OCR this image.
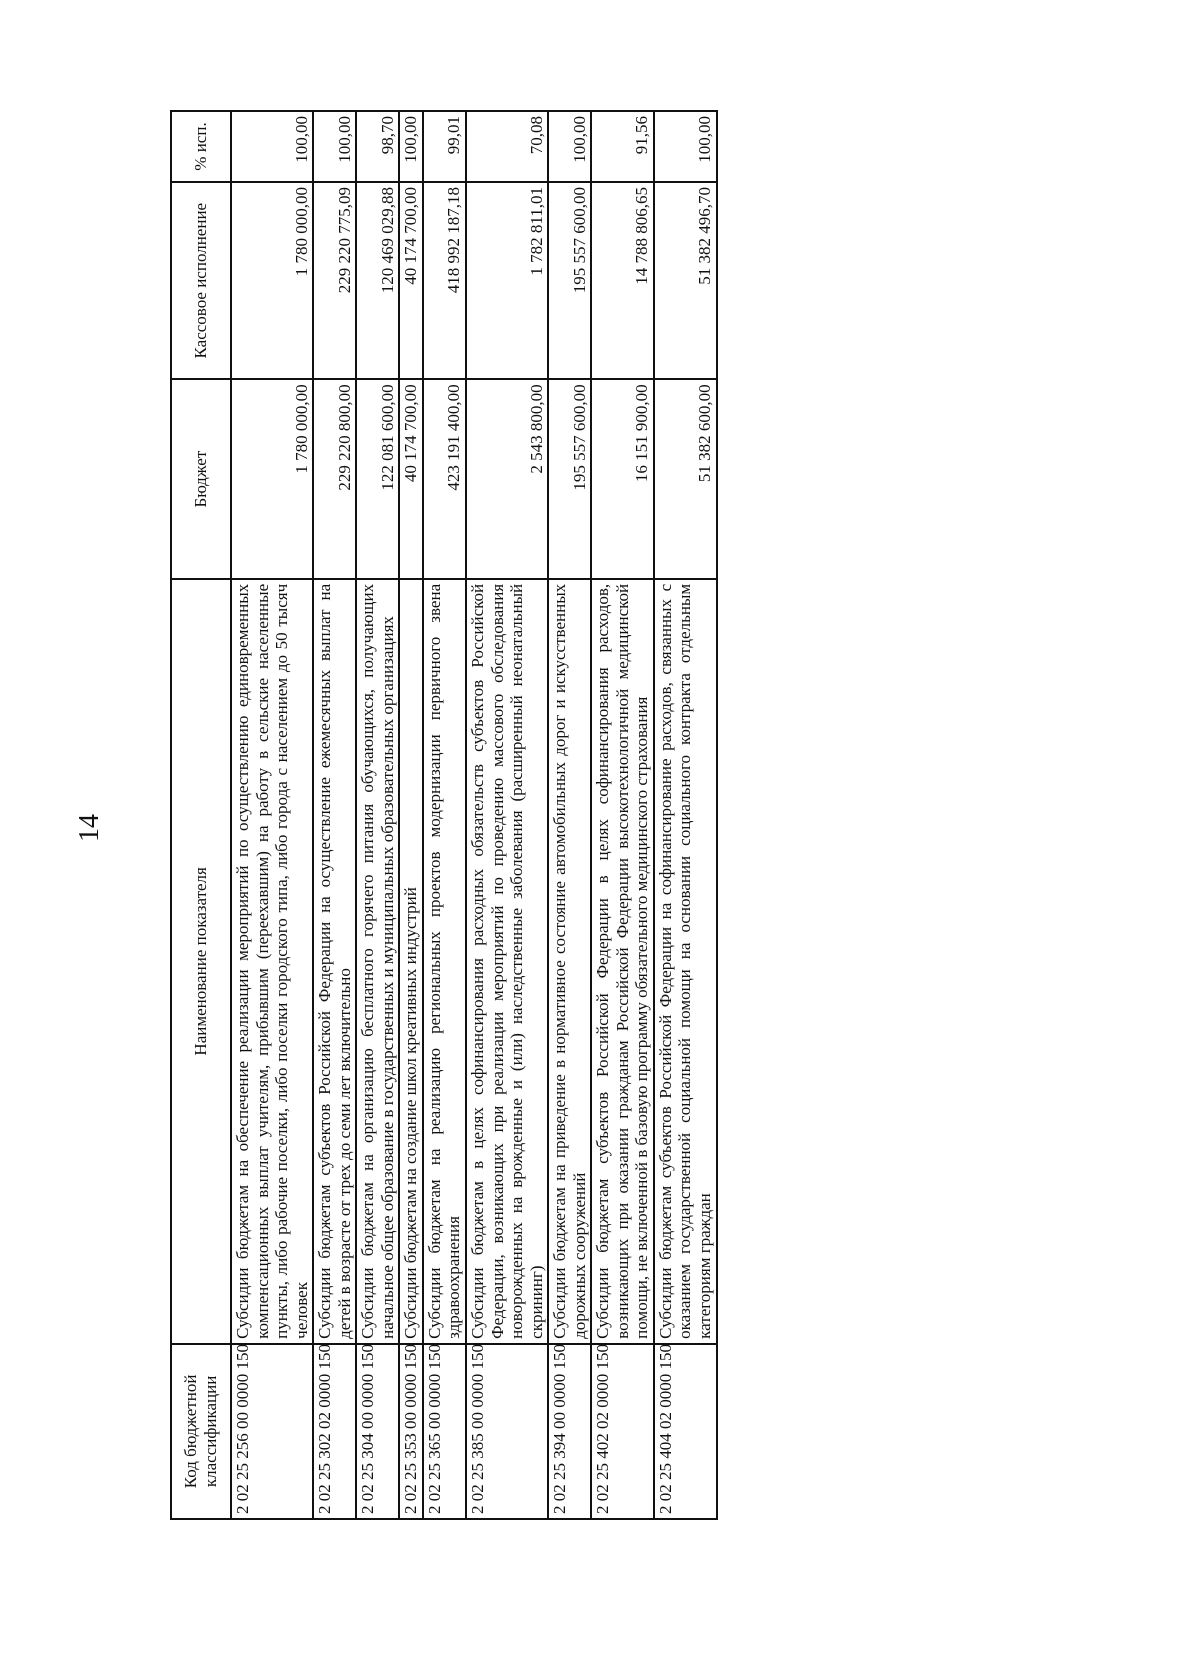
14
Код бюджетной классификации	Наименование показателя	Бюджет	Кассовое исполнение	% исп.
2 02 25 256 00 0000 150	Субсидии бюджетам на обеспечение реализации мероприятий по осуществлению единовременных компенсационных выплат учителям, прибывшим (переехавшим) на работу в сельские населенные пункты, либо рабочие поселки, либо поселки городского типа, либо города с населением до 50 тысяч человек	1 780 000,00	1 780 000,00	100,00
2 02 25 302 02 0000 150	Субсидии бюджетам субъектов Российской Федерации на осуществление ежемесячных выплат на детей в возрасте от трех до семи лет включительно	229 220 800,00	229 220 775,09	100,00
2 02 25 304 00 0000 150	Субсидии бюджетам на организацию бесплатного горячего питания обучающихся, получающих начальное общее образование в государственных и муниципальных образовательных организациях	122 081 600,00	120 469 029,88	98,70
2 02 25 353 00 0000 150	Субсидии бюджетам на создание школ креативных индустрий	40 174 700,00	40 174 700,00	100,00
2 02 25 365 00 0000 150	Субсидии бюджетам на реализацию региональных проектов модернизации первичного звена здравоохранения	423 191 400,00	418 992 187,18	99,01
2 02 25 385 00 0000 150	Субсидии бюджетам в целях софинансирования расходных обязательств субъектов Российской Федерации, возникающих при реализации мероприятий по проведению массового обследования новорожденных на врожденные и (или) наследственные заболевания (расширенный неонатальный скрининг)	2 543 800,00	1 782 811,01	70,08
2 02 25 394 00 0000 150	Субсидии бюджетам на приведение в нормативное состояние автомобильных дорог и искусственных дорожных сооружений	195 557 600,00	195 557 600,00	100,00
2 02 25 402 02 0000 150	Субсидии бюджетам субъектов Российской Федерации в целях софинансирования расходов, возникающих при оказании гражданам Российской Федерации высокотехнологичной медицинской помощи, не включенной в базовую программу обязательного медицинского страхования	16 151 900,00	14 788 806,65	91,56
2 02 25 404 02 0000 150	Субсидии бюджетам субъектов Российской Федерации на софинансирование расходов, связанных с оказанием государственной социальной помощи на основании социального контракта отдельным категориям граждан	51 382 600,00	51 382 496,70	100,00
